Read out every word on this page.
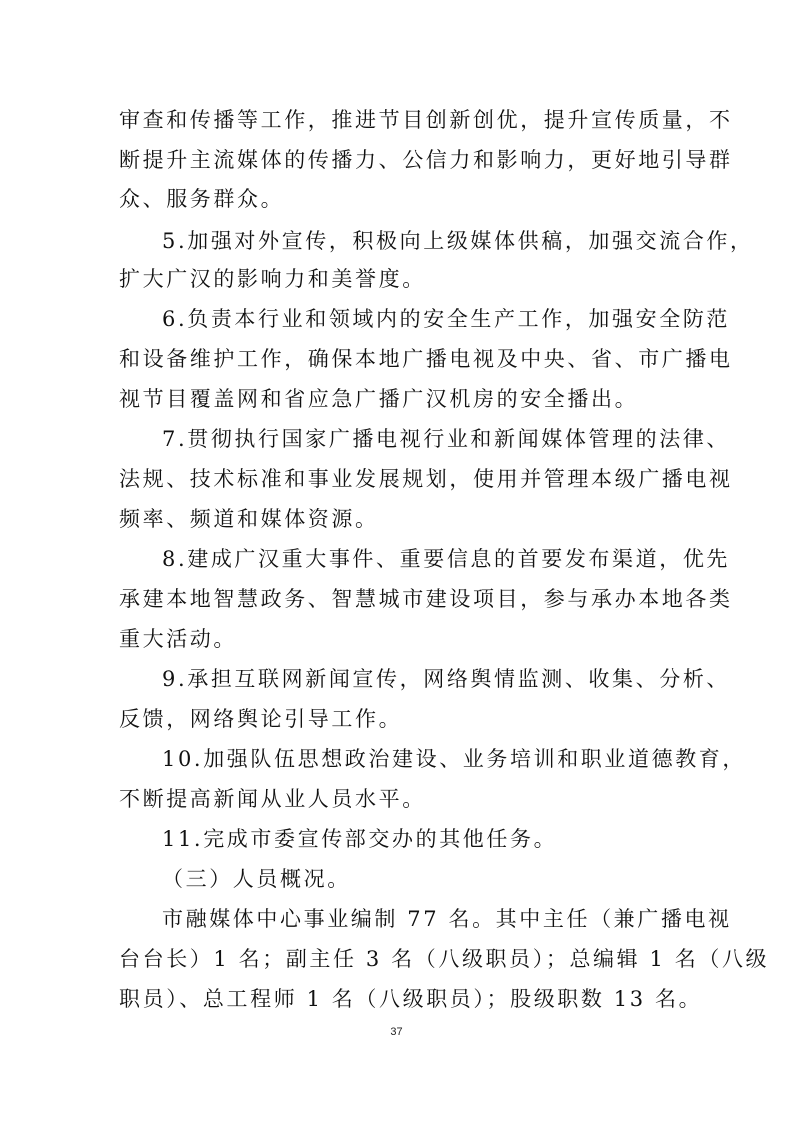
审查和传播等工作，推进节目创新创优，提升宣传质量，不
断提升主流媒体的传播力、公信力和影响力，更好地引导群
众、服务群众。
5.加强对外宣传，积极向上级媒体供稿，加强交流合作，
扩大广汉的影响力和美誉度。
6.负责本行业和领域内的安全生产工作，加强安全防范
和设备维护工作，确保本地广播电视及中央、省、市广播电
视节目覆盖网和省应急广播广汉机房的安全播出。
7.贯彻执行国家广播电视行业和新闻媒体管理的法律、
法规、技术标准和事业发展规划，使用并管理本级广播电视
频率、频道和媒体资源。
8.建成广汉重大事件、重要信息的首要发布渠道，优先
承建本地智慧政务、智慧城市建设项目，参与承办本地各类
重大活动。
9.承担互联网新闻宣传，网络舆情监测、收集、分析、
反馈，网络舆论引导工作。
10.加强队伍思想政治建设、业务培训和职业道德教育，
不断提高新闻从业人员水平。
11.完成市委宣传部交办的其他任务。
（三）人员概况。
市融媒体中心事业编制 77 名。其中主任（兼广播电视
台台长）1 名；副主任 3 名（八级职员）；总编辑 1 名（八级
职员）、总工程师 1 名（八级职员）；股级职数 13 名。
37
